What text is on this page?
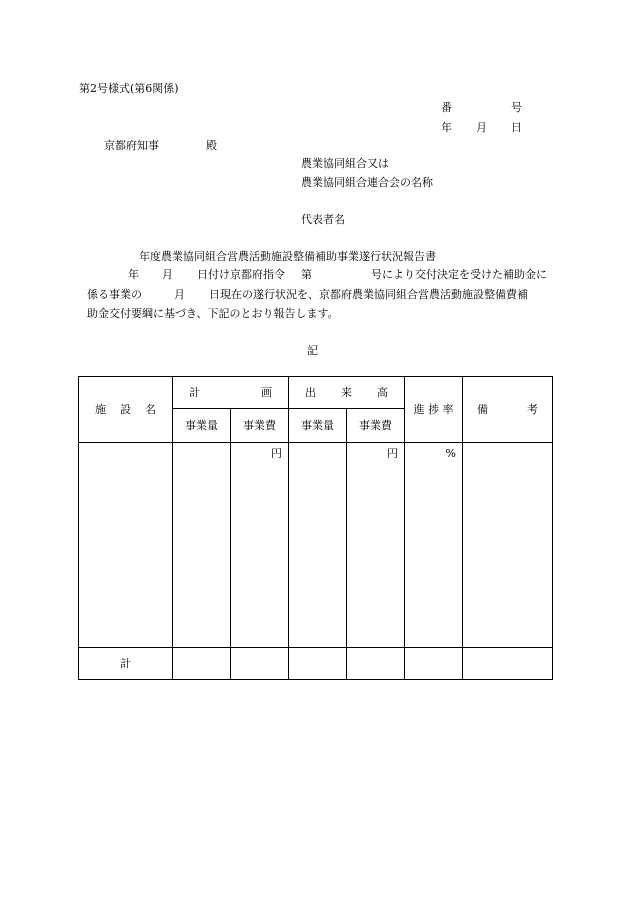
第2号様式(第6関係)
番	号
年 月 日
京都府知事	殿
農業協同組合又は
農業協同組合連合会の名称
代表者名
年度農業協同組合営農活動施設整備補助事業遂行状況報告書
年 月 日付け京都府指令 第	号により交付決定を受けた補助金に
係る事業の	月 日現在の遂行状況を、京都府農業協同組合営農活動施設整備費補
助金交付要綱に基づき、下記のとおり報告します。
記
施 設 名	計 画		出 来 高		進 捗 率	備 考

	事業量	事業費	事業量	事業費		
		円		円	%	
計						
